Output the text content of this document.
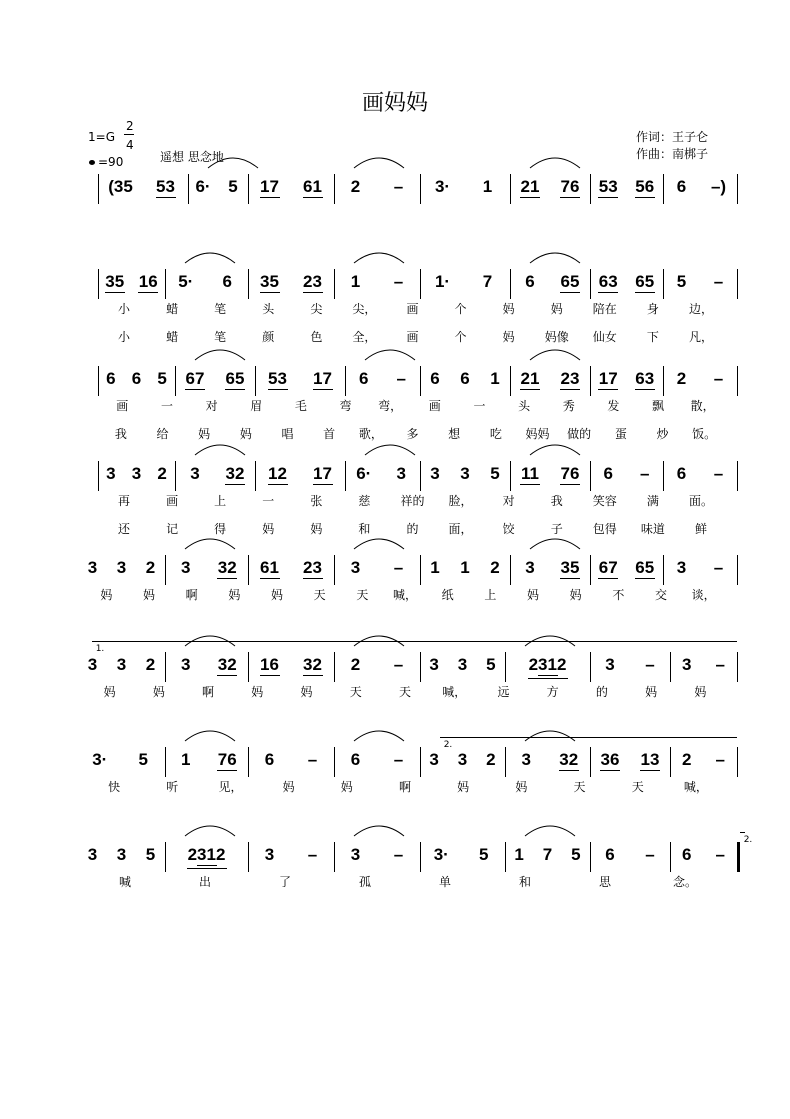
画妈妈
1=G
2
4
=90	遥想 思念地
作词：王子仑
作曲：南梆子
(35 53 6· 5 17 61 2 – 3· 1 21 76 53 56 6 –)
35 16 5· 6 35 23 1 – 1· 7 6 65 63 65 5 –
小	蜡	笔	头	尖	尖，	画	个	妈	妈	陪在	身	边，
小	蜡	笔	颜	色	全，	画	个	妈	妈像 仙女	下	凡，
6 6 5 67 65 53 17 6 – 6 6 1 21 23 17 63 2 –
画	一	对	眉	毛	弯 弯， 画	一	头	秀	发	飘 散，
我 给 妈 妈 唱 首 歌， 多 想 吃 妈妈 做的 蛋 炒 饭。
3 3 2 3 32 12 17 6· 3 3 3 5 11 76 6 – 6 –
再	画	上	一	张	慈	祥的 脸，	对	我	笑容	满	面。
还	记	得	妈	妈	和	的	面，	饺	子	包得 味道	鲜
3 3 2 3 32 61 23 3 – 1 1 2 3 35 67 65 3 –
妈	妈	啊	妈	妈	天	天 喊， 纸	上	妈	妈	不	交 谈，
3 3 2 3 32 16 32 2 – 3 3 5 2312 3 – 3 –
妈	妈	啊	妈	妈	天	天	喊，	远	方	的	妈	妈
3· 5 1 76 6 – 6 – 3 3 2 3 32 36 13 2 –
快	听	见，	妈	妈	啊	妈	妈	天	天	喊，
3 3 5 2312 3 – 3 – 3· 5 1 7 5 6 – 6 –
喊	出	了	孤	单	和	思	念。
1.
2.
2.
